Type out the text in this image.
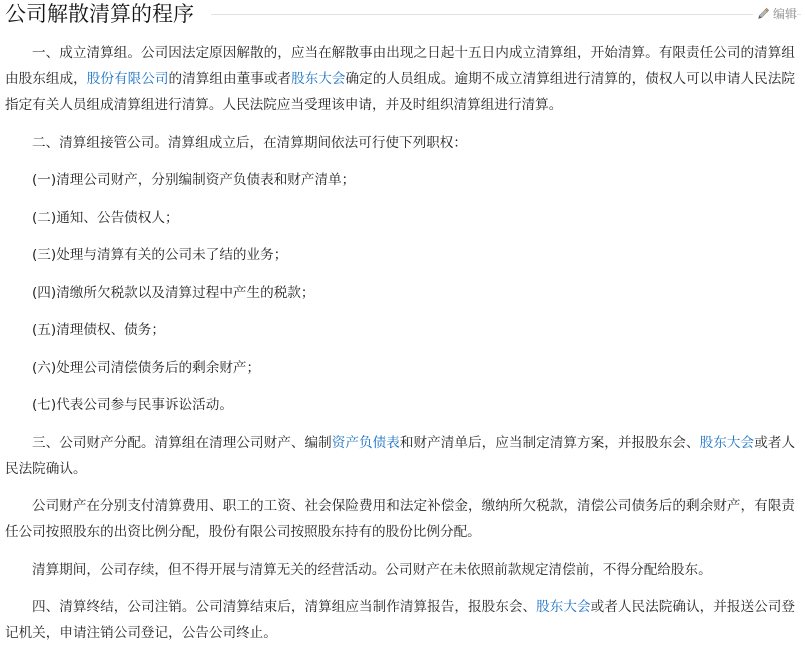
公司解散清算的程序	编辑

一、成立清算组。公司因法定原因解散的，应当在解散事由出现之日起十五日内成立清算组，开始清算。有限责任公司的清算组由股东组成，股份有限公司的清算组由董事或者股东大会确定的人员组成。逾期不成立清算组进行清算的，债权人可以申请人民法院指定有关人员组成清算组进行清算。人民法院应当受理该申请，并及时组织清算组进行清算。

二、清算组接管公司。清算组成立后，在清算期间依法可行使下列职权：

(一)清理公司财产，分别编制资产负债表和财产清单；

(二)通知、公告债权人；

(三)处理与清算有关的公司未了结的业务；

(四)清缴所欠税款以及清算过程中产生的税款；

(五)清理债权、债务；

(六)处理公司清偿债务后的剩余财产；

(七)代表公司参与民事诉讼活动。

三、公司财产分配。清算组在清理公司财产、编制资产负债表和财产清单后，应当制定清算方案，并报股东会、股东大会或者人民法院确认。

公司财产在分别支付清算费用、职工的工资、社会保险费用和法定补偿金，缴纳所欠税款，清偿公司债务后的剩余财产，有限责任公司按照股东的出资比例分配，股份有限公司按照股东持有的股份比例分配。

清算期间，公司存续，但不得开展与清算无关的经营活动。公司财产在未依照前款规定清偿前，不得分配给股东。

四、清算终结，公司注销。公司清算结束后，清算组应当制作清算报告，报股东会、股东大会或者人民法院确认，并报送公司登记机关，申请注销公司登记，公告公司终止。
